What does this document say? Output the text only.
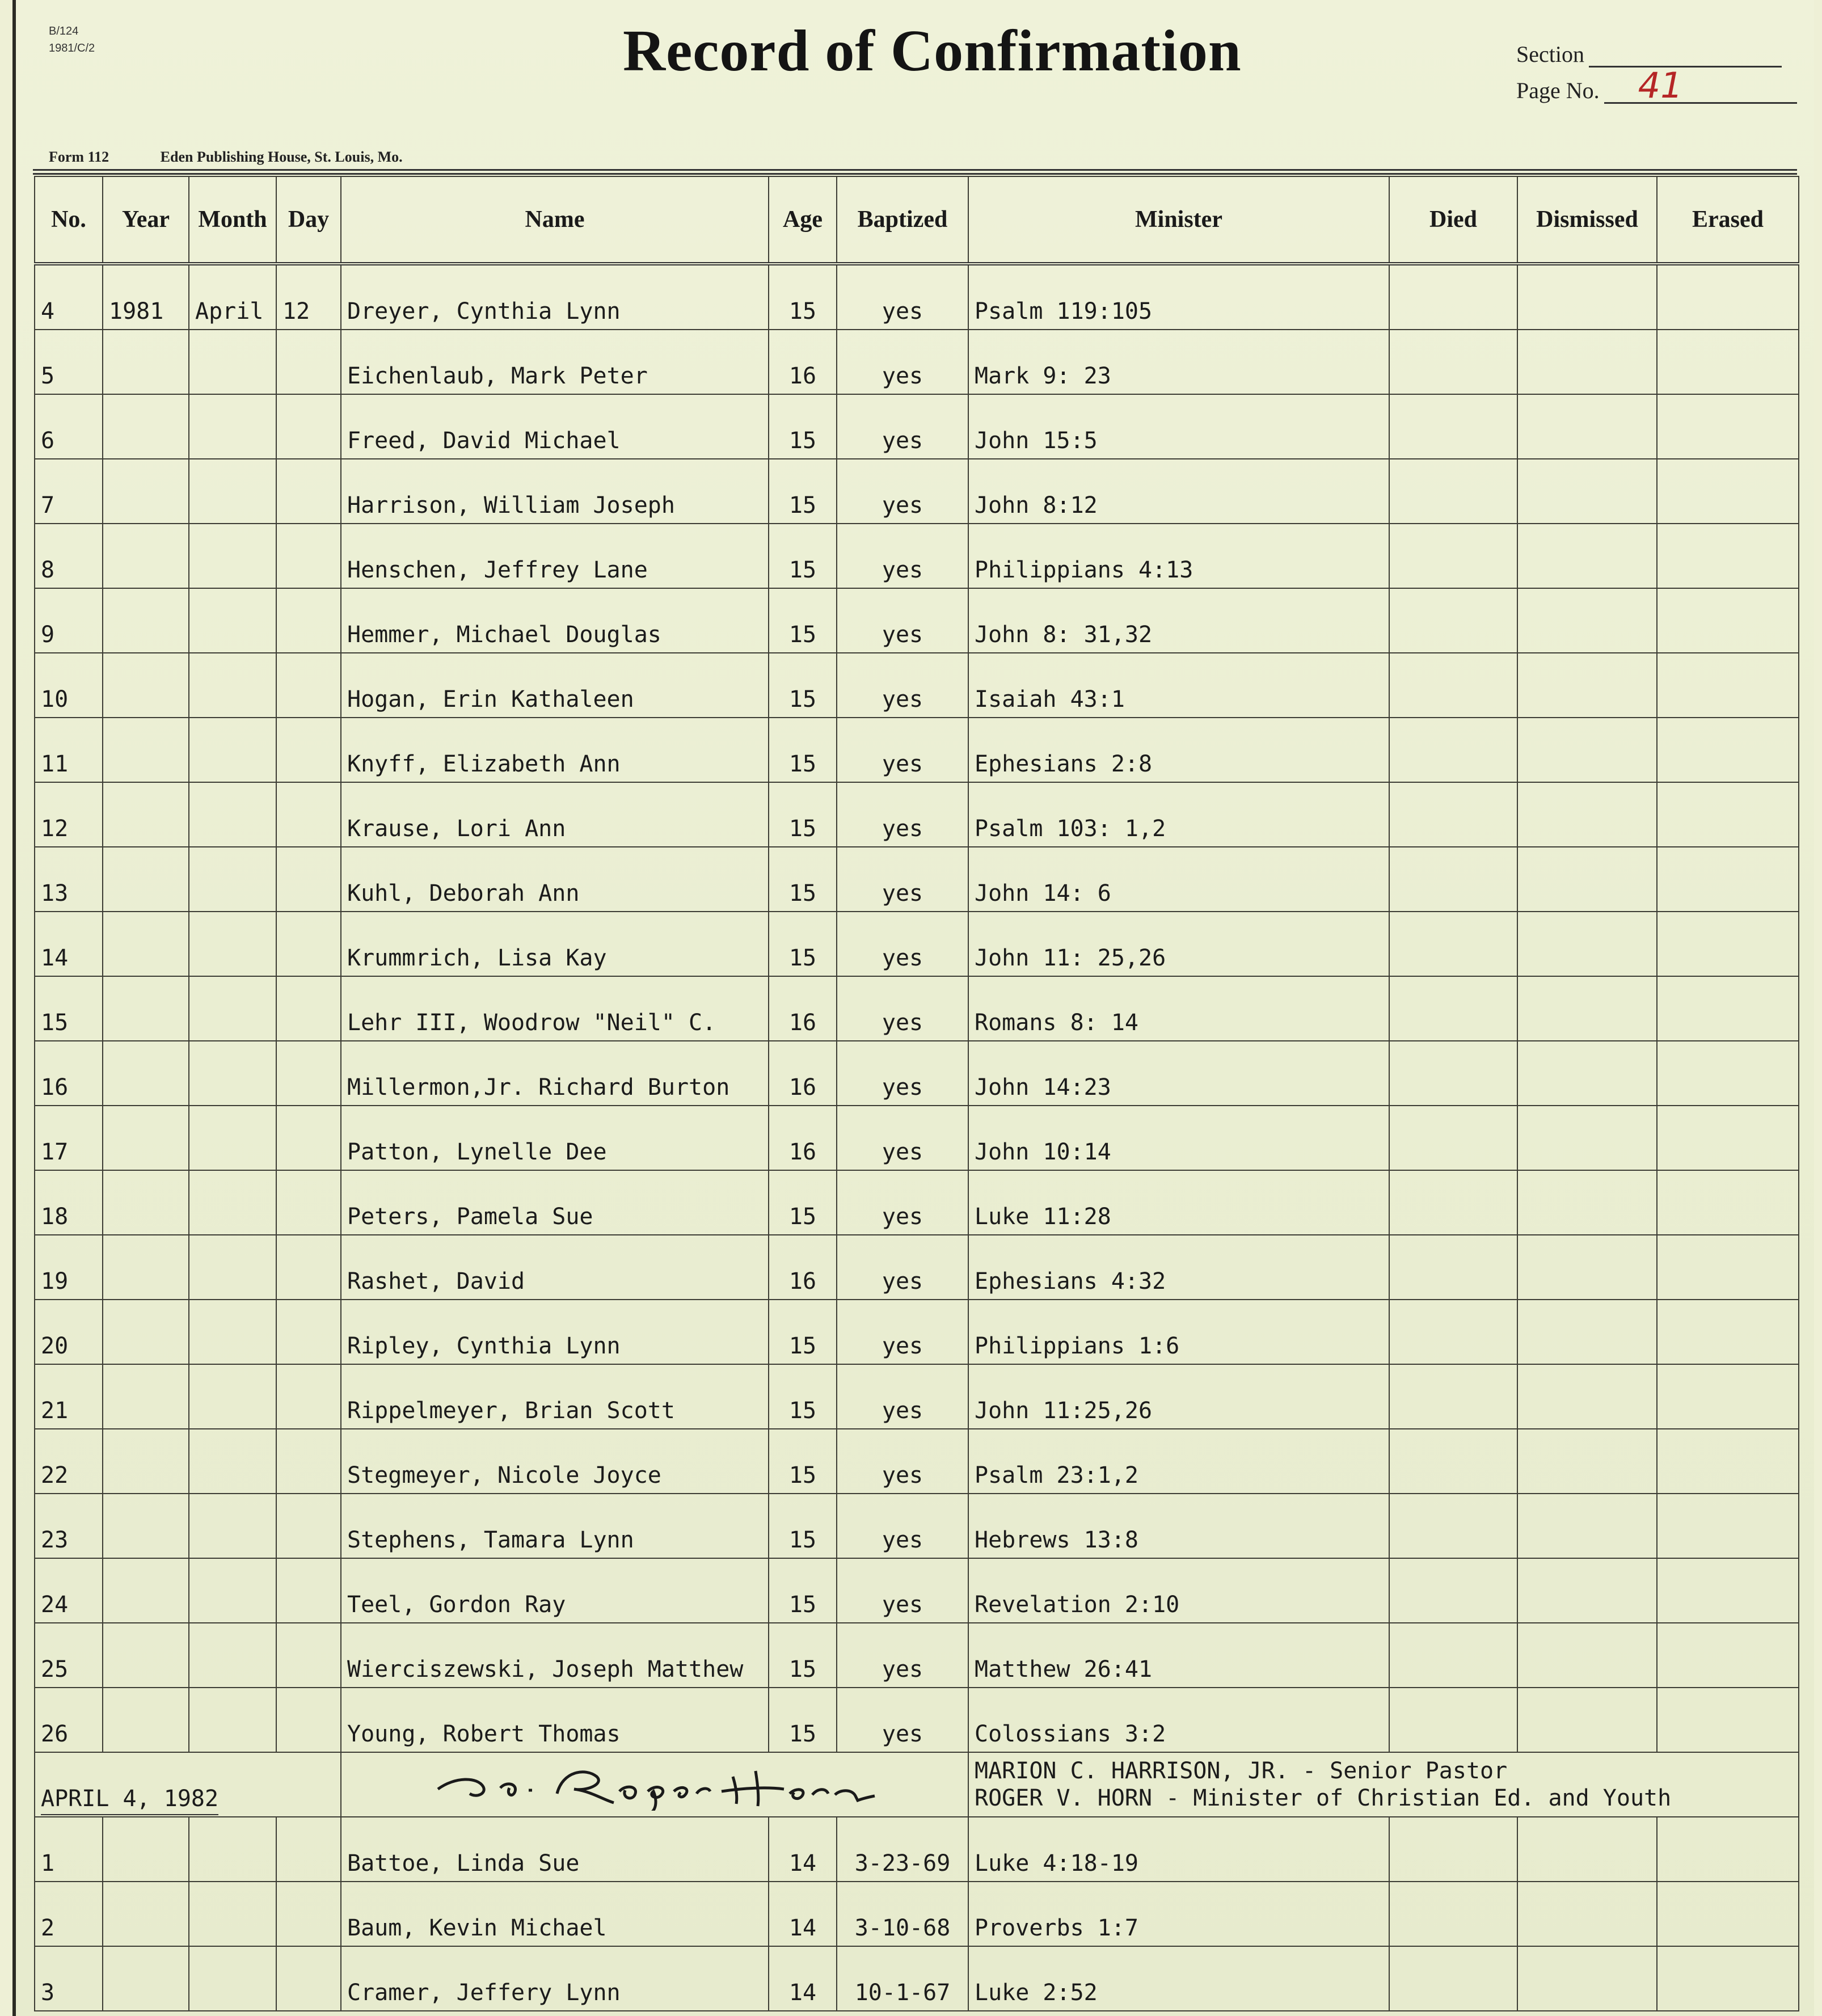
B/124
1981/C/2	Record of Confirmation	Section
Page No. 41
Form 112	Eden Publishing House, St. Louis, Mo.
No.	Year	Month	Day	Name	Age	Baptized	Minister	Died	Dismissed	Erased
4	1981	April	12	Dreyer, Cynthia Lynn	15	yes	Psalm 119:105			
5				Eichenlaub, Mark Peter	16	yes	Mark 9: 23			
6				Freed, David Michael	15	yes	John 15:5			
7				Harrison, William Joseph	15	yes	John 8:12			
8				Henschen, Jeffrey Lane	15	yes	Philippians 4:13			
9				Hemmer, Michael Douglas	15	yes	John 8: 31,32			
10				Hogan, Erin Kathaleen	15	yes	Isaiah 43:1			
11				Knyff, Elizabeth Ann	15	yes	Ephesians 2:8			
12				Krause, Lori Ann	15	yes	Psalm 103: 1,2			
13				Kuhl, Deborah Ann	15	yes	John 14: 6			
14				Krummrich, Lisa Kay	15	yes	John 11: 25,26			
15				Lehr III, Woodrow "Neil" C.	16	yes	Romans 8: 14			
16				Millermon,Jr. Richard Burton	16	yes	John 14:23			
17				Patton, Lynelle Dee	16	yes	John 10:14			
18				Peters, Pamela Sue	15	yes	Luke 11:28			
19				Rashet, David	16	yes	Ephesians 4:32			
20				Ripley, Cynthia Lynn	15	yes	Philippians 1:6			
21				Rippelmeyer, Brian Scott	15	yes	John 11:25,26			
22				Stegmeyer, Nicole Joyce	15	yes	Psalm 23:1,2			
23				Stephens, Tamara Lynn	15	yes	Hebrews 13:8			
24				Teel, Gordon Ray	15	yes	Revelation 2:10			
25				Wierciszewski, Joseph Matthew	15	yes	Matthew 26:41			
26				Young, Robert Thomas	15	yes	Colossians 3:2			
APRIL 4, 1982							MARION C. HARRISON, JR. - Senior Pastor
ROGER V. HORN - Minister of Christian Ed. and Youth			

1				Battoe, Linda Sue	14	3-23-69	Luke 4:18-19			
2				Baum, Kevin Michael	14	3-10-68	Proverbs 1:7			
3				Cramer, Jeffery Lynn	14	10-1-67	Luke 2:52			
